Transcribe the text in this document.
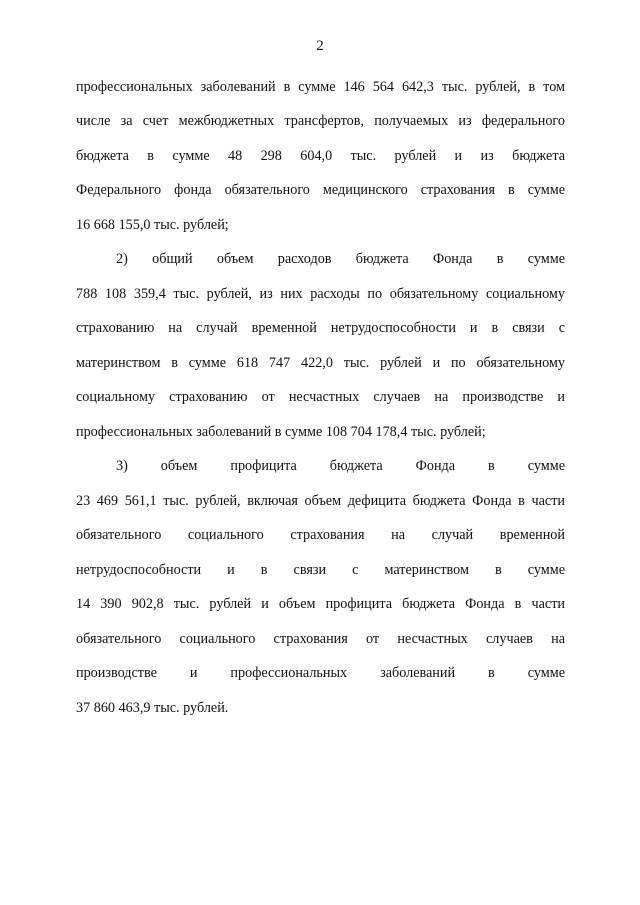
2
профессиональных заболеваний в сумме 146 564 642,3 тыс. рублей, в том
числе за счет межбюджетных трансфертов, получаемых из федерального
бюджета в сумме 48 298 604,0 тыс. рублей и из бюджета
Федерального фонда обязательного медицинского страхования в сумме
16 668 155,0 тыс. рублей;
2) общий объем расходов бюджета Фонда в сумме
788 108 359,4 тыс. рублей, из них расходы по обязательному социальному
страхованию на случай временной нетрудоспособности и в связи с
материнством в сумме 618 747 422,0 тыс. рублей и по обязательному
социальному страхованию от несчастных случаев на производстве и
профессиональных заболеваний в сумме 108 704 178,4 тыс. рублей;
3) объем профицита бюджета Фонда в сумме
23 469 561,1 тыс. рублей, включая объем дефицита бюджета Фонда в части
обязательного социального страхования на случай временной
нетрудоспособности и в связи с материнством в сумме
14 390 902,8 тыс. рублей и объем профицита бюджета Фонда в части
обязательного социального страхования от несчастных случаев на
производстве и профессиональных заболеваний в сумме
37 860 463,9 тыс. рублей.
